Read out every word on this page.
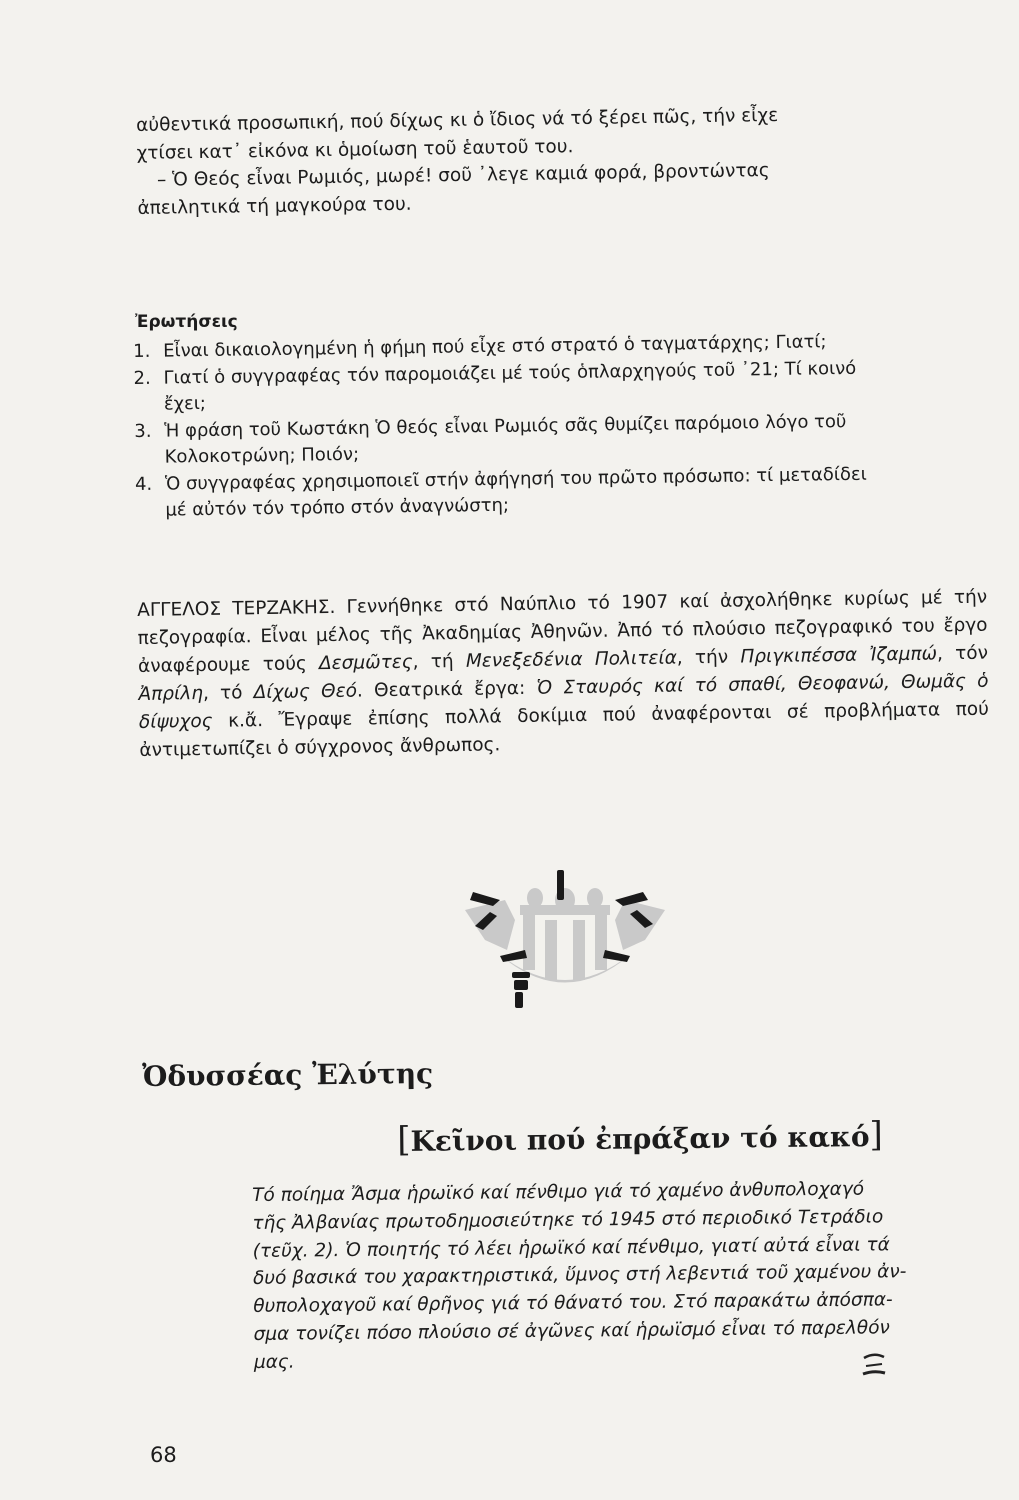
αὐθεντικά προσωπική, πού δίχως κι ὁ ἴδιος νά τό ξέρει πῶς, τήν εἶχε
χτίσει κατ᾽ εἰκόνα κι ὁμοίωση τοῦ ἑαυτοῦ του.
– Ὁ Θεός εἶναι Ρωμιός, μωρέ! σοῦ ᾽λεγε καμιά φορά, βροντώντας
ἀπειλητικά τή μαγκούρα του.
Ἐρωτήσεις
1. Εἶναι δικαιολογημένη ἡ φήμη πού εἶχε στό στρατό ὁ ταγματάρχης; Γιατί;
2. Γιατί ὁ συγγραφέας τόν παρομοιάζει μέ τούς ὁπλαρχηγούς τοῦ ᾽21; Τί κοινό
ἔχει;
3. Ἡ φράση τοῦ Κωστάκη Ὁ θεός εἶναι Ρωμιός σᾶς θυμίζει παρόμοιο λόγο τοῦ
Κολοκοτρώνη; Ποιόν;
4. Ὁ συγγραφέας χρησιμοποιεῖ στήν ἀφήγησή του πρῶτο πρόσωπο: τί μεταδίδει
μέ αὐτόν τόν τρόπο στόν ἀναγνώστη;
ΑΓΓΕΛΟΣ ΤΕΡΖΑΚΗΣ. Γεννήθηκε στό Ναύπλιο τό 1907 καί ἀσχολήθηκε κυρίως μέ τήν πεζογραφία. Εἶναι μέλος τῆς Ἀκαδημίας Ἀθηνῶν. Ἀπό τό πλούσιο πεζογραφικό του ἔργο ἀναφέρουμε τούς Δεσμῶτες, τή Μενεξεδένια Πολιτεία, τήν Πριγκιπέσσα Ἰζαμπώ, τόν Ἀπρίλη, τό Δίχως Θεό. Θεατρικά ἔργα: Ὁ Σταυρός καί τό σπαθί, Θεοφανώ, Θωμᾶς ὁ δίψυχος κ.ἄ. Ἔγραψε ἐπίσης πολλά δοκίμια πού ἀναφέρονται σέ προβλήματα πού ἀντιμετωπίζει ὁ σύγχρονος ἄνθρωπος.
Ὀδυσσέας Ἐλύτης
[Κεῖνοι πού ἐπράξαν τό κακό]
Τό ποίημα Ἄσμα ἡρωϊκό καί πένθιμο γιά τό χαμένο ἀνθυπολοχαγό
τῆς Ἀλβανίας πρωτοδημοσιεύτηκε τό 1945 στό περιοδικό Τετράδιο
(τεῦχ. 2). Ὁ ποιητής τό λέει ἡρωϊκό καί πένθιμο, γιατί αὐτά εἶναι τά
δυό βασικά του χαρακτηριστικά, ὕμνος στή λεβεντιά τοῦ χαμένου ἀν-
θυπολοχαγοῦ καί θρῆνος γιά τό θάνατό του. Στό παρακάτω ἀπόσπα-
σμα τονίζει πόσο πλούσιο σέ ἀγῶνες καί ἡρωϊσμό εἶναι τό παρελθόν
μας.
68
